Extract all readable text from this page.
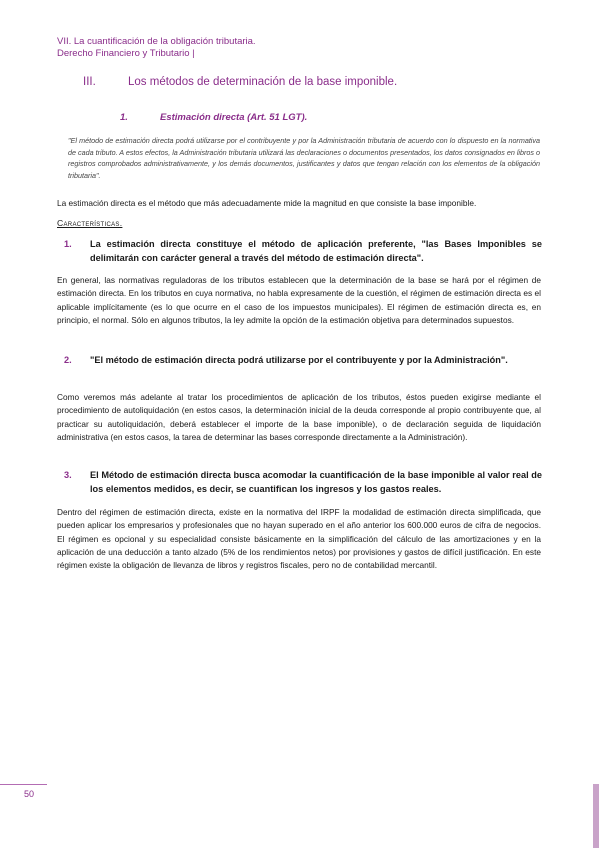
VII. La cuantificación de la obligación tributaria.
Derecho Financiero y Tributario |
III.	Los métodos de determinación de la base imponible.
1.	Estimación directa (Art. 51 LGT).
"El método de estimación directa podrá utilizarse por el contribuyente y por la Administración tributaria de acuerdo con lo dispuesto en la normativa de cada tributo. A estos efectos, la Administración tributaria utilizará las declaraciones o documentos presentados, los datos consignados en libros o registros comprobados administrativamente, y los demás documentos, justificantes y datos que tengan relación con los elementos de la obligación tributaria".
La estimación directa es el método que más adecuadamente mide la magnitud en que consiste la base imponible.
Características.
1. La estimación directa constituye el método de aplicación preferente, "las Bases Imponibles se delimitarán con carácter general a través del método de estimación directa".
En general, las normativas reguladoras de los tributos establecen que la determinación de la base se hará por el régimen de estimación directa. En los tributos en cuya normativa, no habla expresamente de la cuestión, el régimen de estimación directa es el aplicable implícitamente (es lo que ocurre en el caso de los impuestos municipales). El régimen de estimación directa es, en principio, el normal. Sólo en algunos tributos, la ley admite la opción de la estimación objetiva para determinados supuestos.
2. "El método de estimación directa podrá utilizarse por el contribuyente y por la Administración".
Como veremos más adelante al tratar los procedimientos de aplicación de los tributos, éstos pueden exigirse mediante el procedimiento de autoliquidación (en estos casos, la determinación inicial de la deuda corresponde al propio contribuyente que, al practicar su autoliquidación, deberá establecer el importe de la base imponible), o de declaración seguida de liquidación administrativa (en estos casos, la tarea de determinar las bases corresponde directamente a la Administración).
3. El Método de estimación directa busca acomodar la cuantificación de la base imponible al valor real de los elementos medidos, es decir, se cuantifican los ingresos y los gastos reales.
Dentro del régimen de estimación directa, existe en la normativa del IRPF la modalidad de estimación directa simplificada, que pueden aplicar los empresarios y profesionales que no hayan superado en el año anterior los 600.000 euros de cifra de negocios. El régimen es opcional y su especialidad consiste básicamente en la simplificación del cálculo de las amortizaciones y en la aplicación de una deducción a tanto alzado (5% de los rendimientos netos) por provisiones y gastos de difícil justificación. En este régimen existe la obligación de llevanza de libros y registros fiscales, pero no de contabilidad mercantil.
50
